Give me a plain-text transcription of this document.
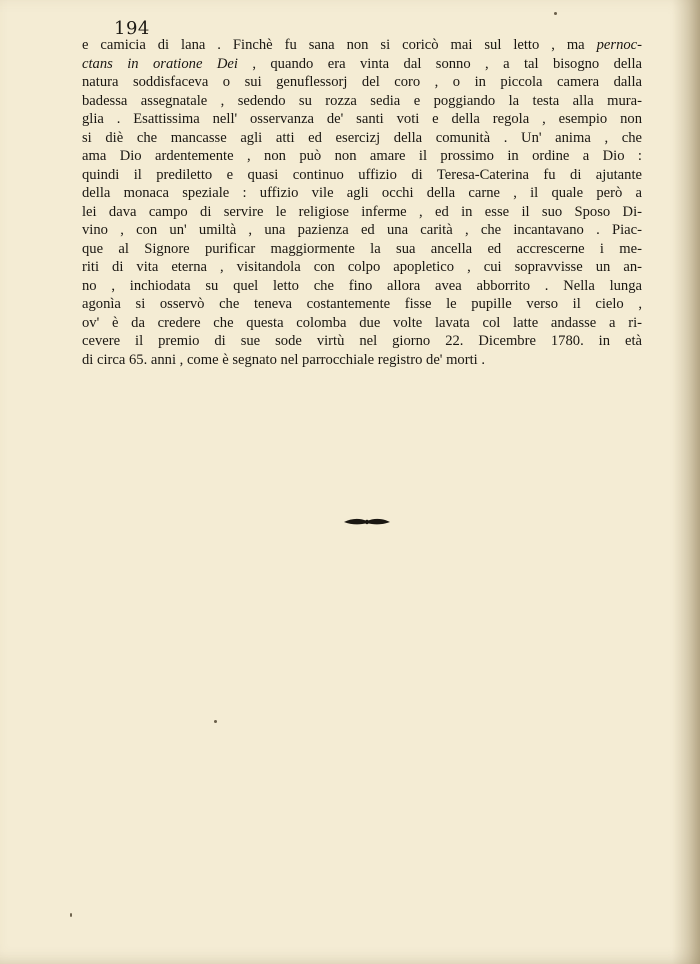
194
e camicia di lana . Finchè fu sana non si coricò mai sul letto , ma pernoc-
ctans in oratione Dei , quando era vinta dal sonno , a tal bisogno della
natura soddisfaceva o sui genuflessorj del coro , o in piccola camera dalla
badessa assegnatale , sedendo su rozza sedia e poggiando la testa alla mura-
glia . Esattissima nell' osservanza de' santi voti e della regola , esempio non
si diè che mancasse agli atti ed esercizj della comunità . Un' anima , che
ama Dio ardentemente , non può non amare il prossimo in ordine a Dio :
quindi il prediletto e quasi continuo uffizio di Teresa-Caterina fu di ajutante
della monaca speziale : uffizio vile agli occhi della carne , il quale però a
lei dava campo di servire le religiose inferme , ed in esse il suo Sposo Di-
vino , con un' umiltà , una pazienza ed una carità , che incantavano . Piac-
que al Signore purificar maggiormente la sua ancella ed accrescerne i me-
riti di vita eterna , visitandola con colpo apopletico , cui sopravvisse un an-
no , inchiodata su quel letto che fino allora avea abborrito . Nella lunga
agonìa si osservò che teneva costantemente fisse le pupille verso il cielo ,
ov' è da credere che questa colomba due volte lavata col latte andasse a ri-
cevere il premio di sue sode virtù nel giorno 22. Dicembre 1780. in età
di circa 65. anni , come è segnato nel parrocchiale registro de' morti .
